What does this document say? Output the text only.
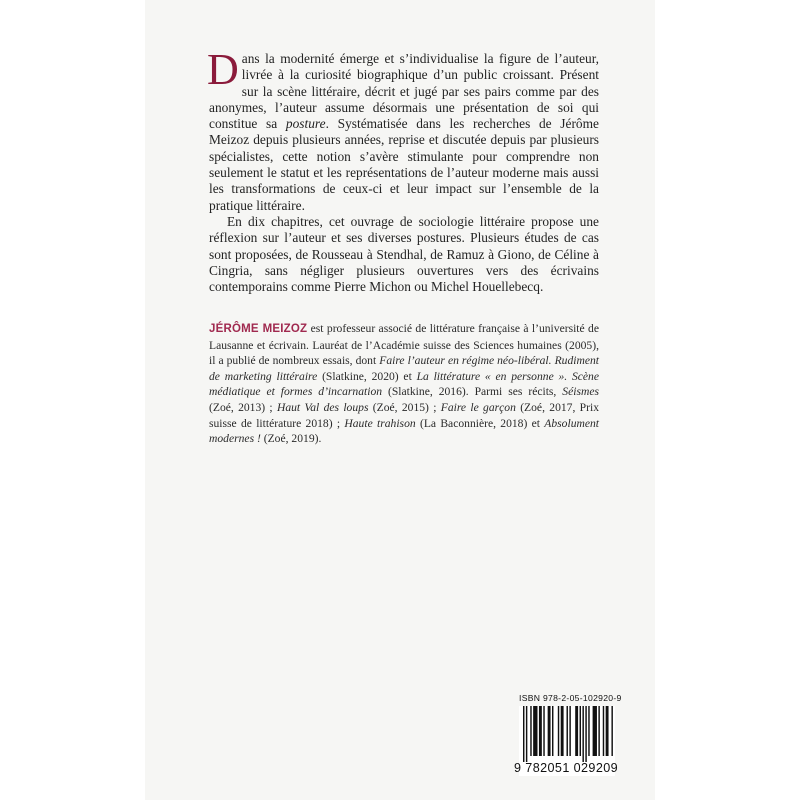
Dans la modernité émerge et s’individualise la figure de l’auteur, livrée à la curiosité biographique d’un public croissant. Présent sur la scène littéraire, décrit et jugé par ses pairs comme par des anonymes, l’auteur assume désormais une présentation de soi qui constitue sa posture. Systématisée dans les recherches de Jérôme Meizoz depuis plusieurs années, reprise et discutée depuis par plusieurs spécialistes, cette notion s’avère stimulante pour comprendre non seulement le statut et les représentations de l’auteur moderne mais aussi les transformations de ceux-ci et leur impact sur l’ensemble de la pratique littéraire.

En dix chapitres, cet ouvrage de sociologie littéraire propose une réflexion sur l’auteur et ses diverses postures. Plusieurs études de cas sont proposées, de Rousseau à Stendhal, de Ramuz à Giono, de Céline à Cingria, sans négliger plusieurs ouvertures vers des écrivains contemporains comme Pierre Michon ou Michel Houellebecq.

JÉRÔME MEIZOZ est professeur associé de littérature française à l’université de Lausanne et écrivain. Lauréat de l’Académie suisse des Sciences humaines (2005), il a publié de nombreux essais, dont Faire l’auteur en régime néo-libéral. Rudiment de marketing littéraire (Slatkine, 2020) et La littérature « en personne ». Scène médiatique et formes d’incarnation (Slatkine, 2016). Parmi ses récits, Séismes (Zoé, 2013) ; Haut Val des loups (Zoé, 2015) ; Faire le garçon (Zoé, 2017, Prix suisse de littérature 2018) ; Haute trahison (La Baconnière, 2018) et Absolument modernes ! (Zoé, 2019).
ISBN 978-2-05-102920-9
9 782051 029209
